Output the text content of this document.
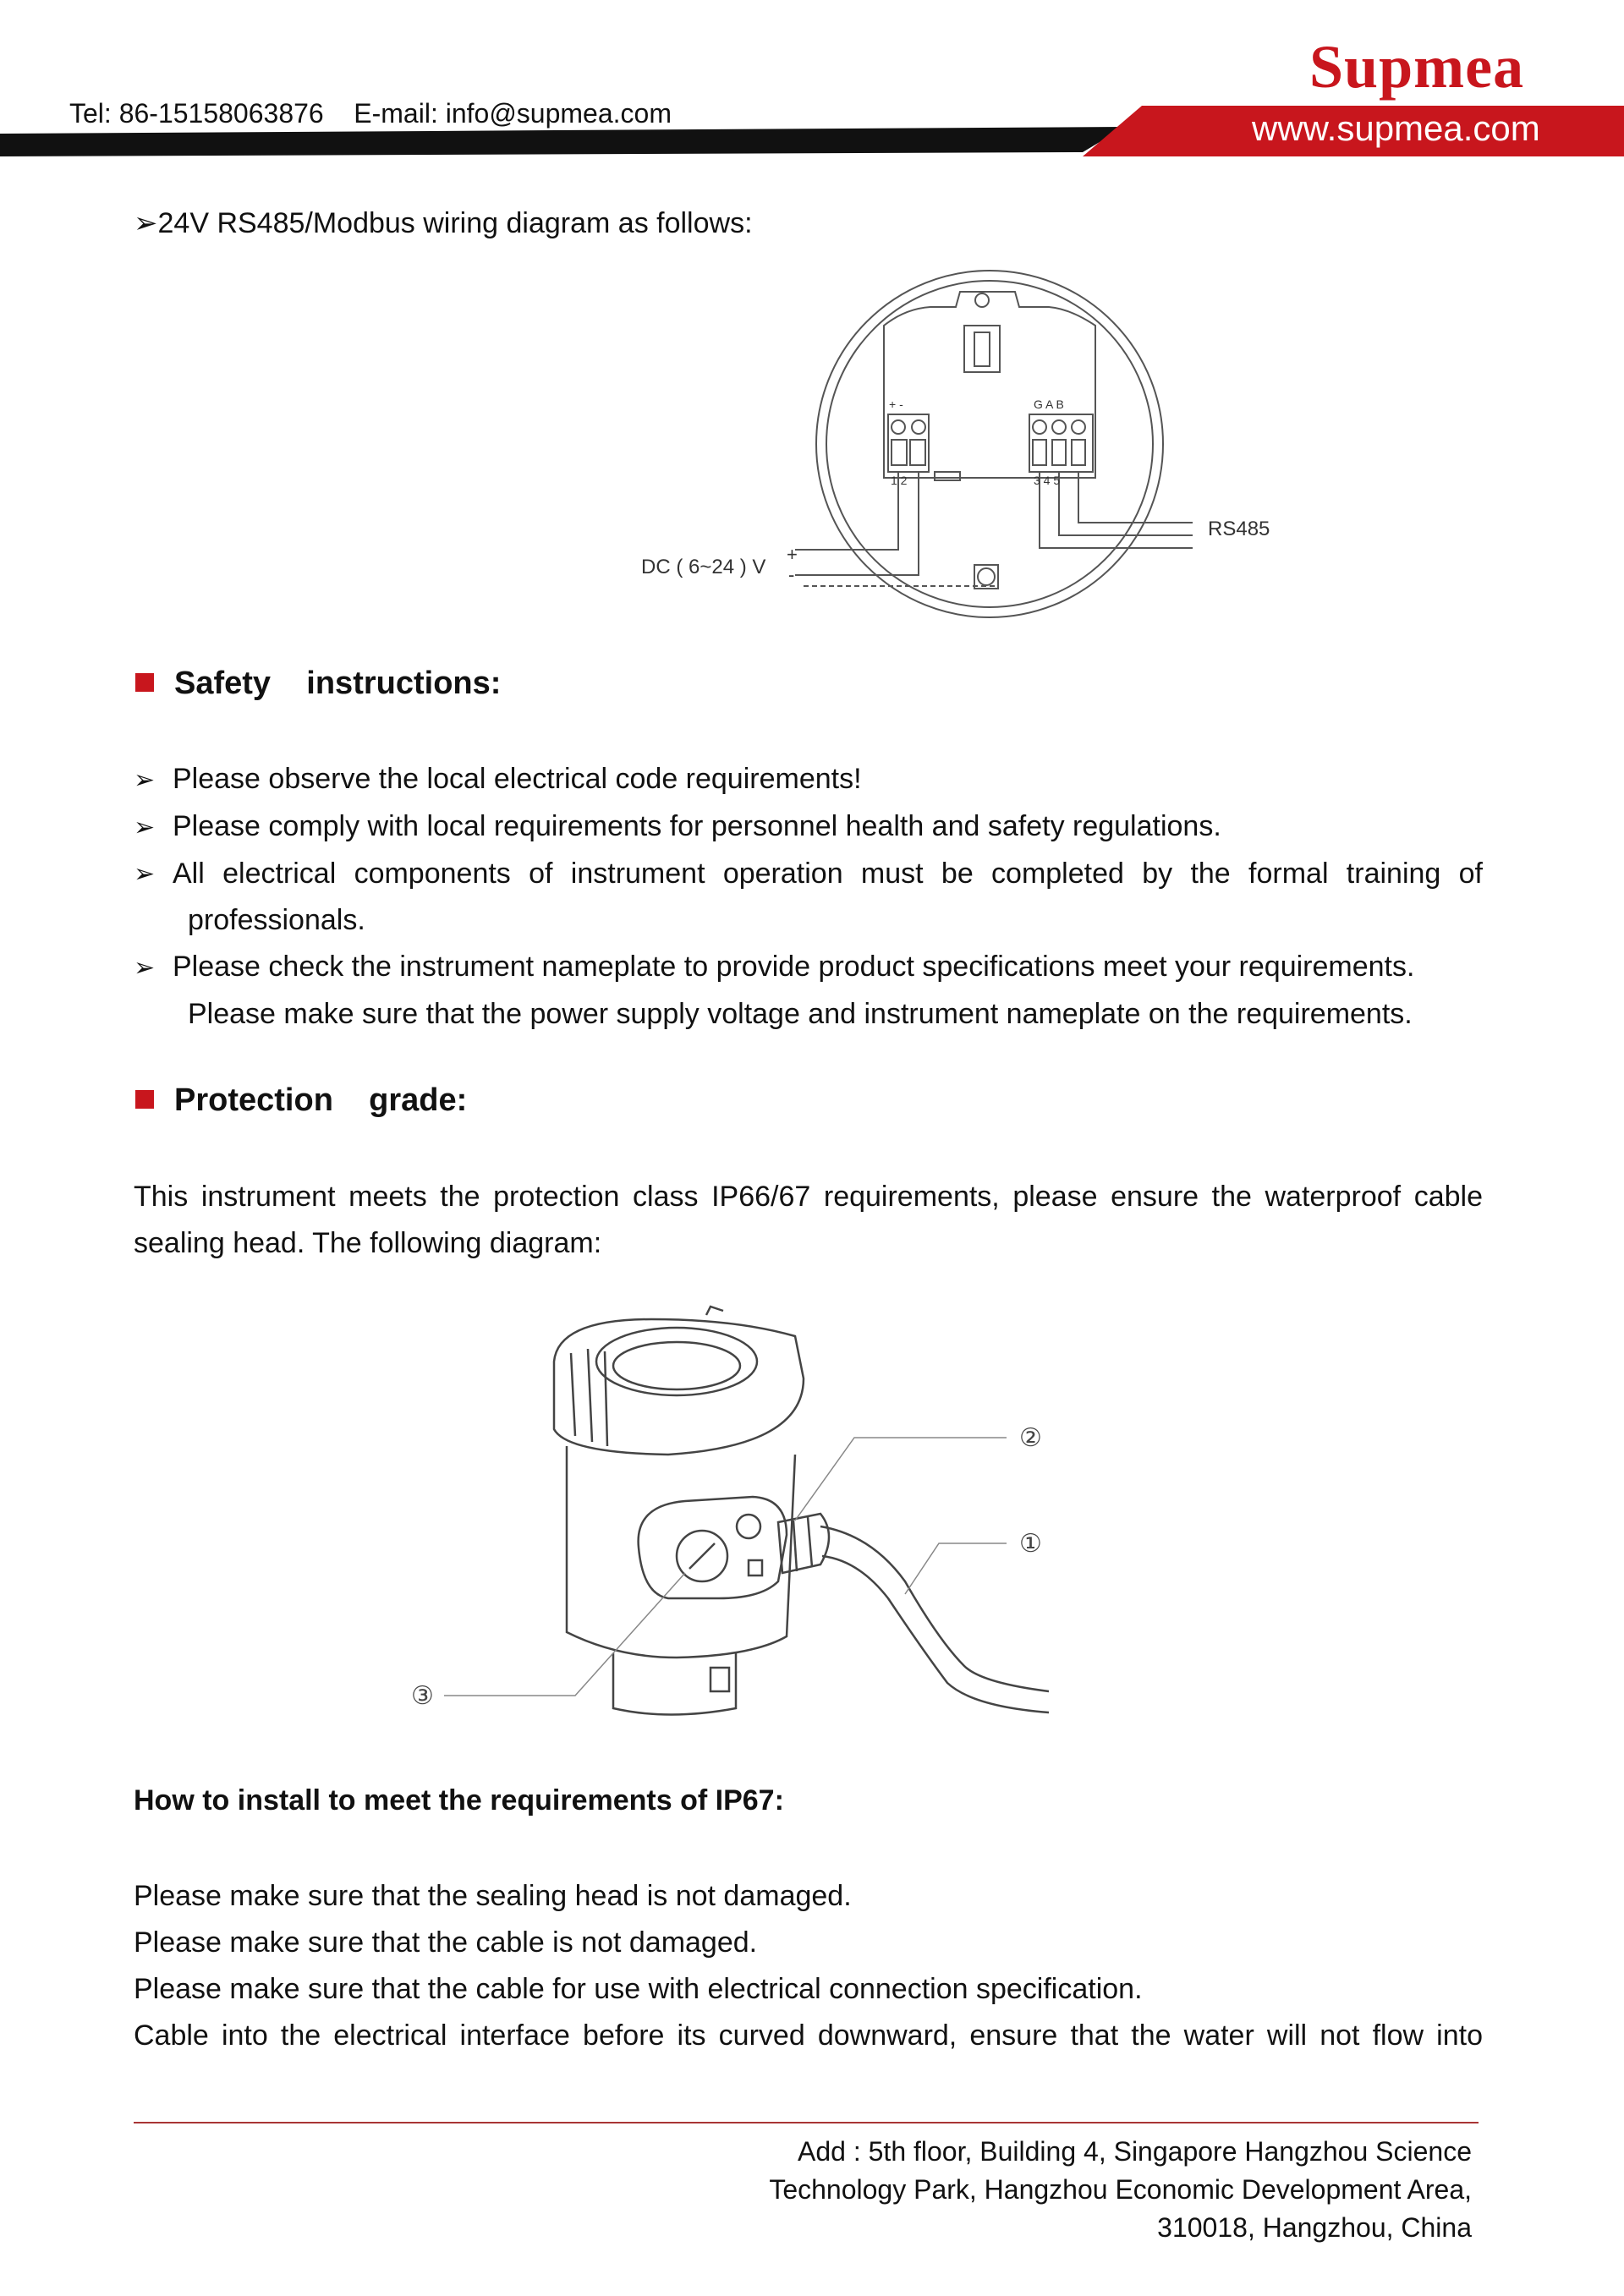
Supmea
Tel: 86-15158063876    E-mail: info@supmea.com	www.supmea.com
➢24V RS485/Modbus wiring diagram as follows:
+ -
1 2
G A B
3 4 5
RS485
DC ( 6~24 ) V
+
-
Safety    instructions:
➢ Please observe the local electrical code requirements!
➢ Please comply with local requirements for personnel health and safety regulations.
➢ All electrical components of instrument operation must be completed by the formal training of
professionals.
➢ Please check the instrument nameplate to provide product specifications meet your requirements.
Please make sure that the power supply voltage and instrument nameplate on the requirements.
Protection    grade:
This instrument meets the protection class IP66/67 requirements, please ensure the waterproof cable
sealing head. The following diagram:
②
①
③
How to install to meet the requirements of IP67:
Please make sure that the sealing head is not damaged.
Please make sure that the cable is not damaged.
Please make sure that the cable for use with electrical connection specification.
Cable into the electrical interface before its curved downward, ensure that the water will not flow into
Add : 5th floor, Building 4, Singapore Hangzhou Science
Technology Park, Hangzhou Economic Development Area,
310018, Hangzhou, China
